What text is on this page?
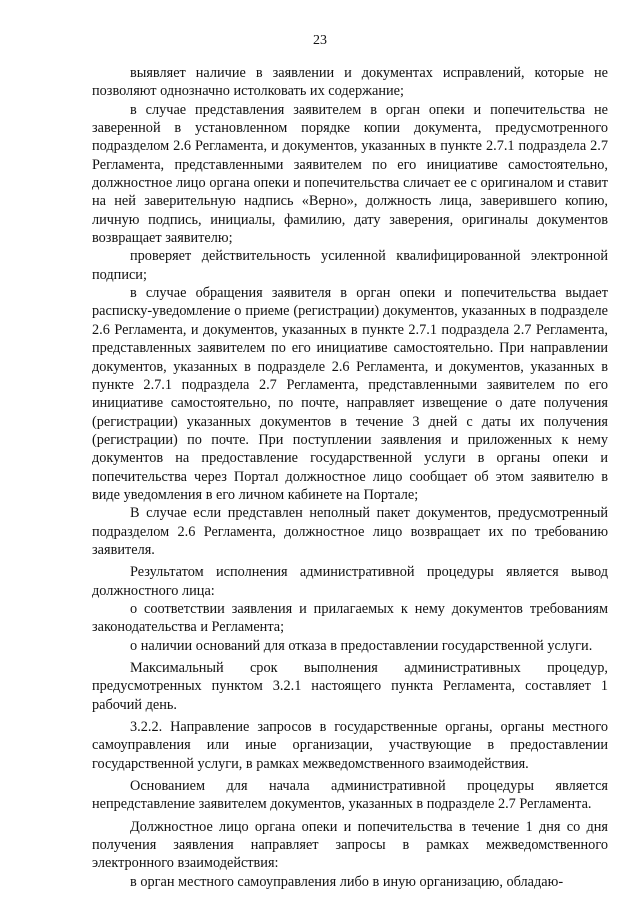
23

выявляет наличие в заявлении и документах исправлений, которые не позволяют однозначно истолковать их содержание;

в случае представления заявителем в орган опеки и попечительства не заверенной в установленном порядке копии документа, предусмотренного подразделом 2.6 Регламента, и документов, указанных в пункте 2.7.1 подраздела 2.7 Регламента, представленными заявителем по его инициативе самостоятельно, должностное лицо органа опеки и попечительства сличает ее с оригиналом и ставит на ней заверительную надпись «Верно», должность лица, заверившего копию, личную подпись, инициалы, фамилию, дату заверения, оригиналы документов возвращает заявителю;

проверяет действительность усиленной квалифицированной электронной подписи;

в случае обращения заявителя в орган опеки и попечительства выдает расписку-уведомление о приеме (регистрации) документов, указанных в подразделе 2.6 Регламента, и документов, указанных в пункте 2.7.1 подраздела 2.7 Регламента, представленных заявителем по его инициативе самостоятельно. При направлении документов, указанных в подразделе 2.6 Регламента, и документов, указанных в пункте 2.7.1 подраздела 2.7 Регламента, представленными заявителем по его инициативе самостоятельно, по почте, направляет извещение о дате получения (регистрации) указанных документов в течение 3 дней с даты их получения (регистрации) по почте. При поступлении заявления и приложенных к нему документов на предоставление государственной услуги в органы опеки и попечительства через Портал должностное лицо сообщает об этом заявителю в виде уведомления в его личном кабинете на Портале;

В случае если представлен неполный пакет документов, предусмотренный подразделом 2.6 Регламента, должностное лицо возвращает их по требованию заявителя.

Результатом исполнения административной процедуры является вывод должностного лица:

о соответствии заявления и прилагаемых к нему документов требованиям законодательства и Регламента;

о наличии оснований для отказа в предоставлении государственной услуги.

Максимальный срок выполнения административных процедур, предусмотренных пунктом 3.2.1 настоящего пункта Регламента, составляет 1 рабочий день.

3.2.2. Направление запросов в государственные органы, органы местного самоуправления или иные организации, участвующие в предоставлении государственной услуги, в рамках межведомственного взаимодействия.

Основанием для начала административной процедуры является непредставление заявителем документов, указанных в подразделе 2.7 Регламента.

Должностное лицо органа опеки и попечительства в течение 1 дня со дня получения заявления направляет запросы в рамках межведомственного электронного взаимодействия:

в орган местного самоуправления либо в иную организацию, обладаю-
